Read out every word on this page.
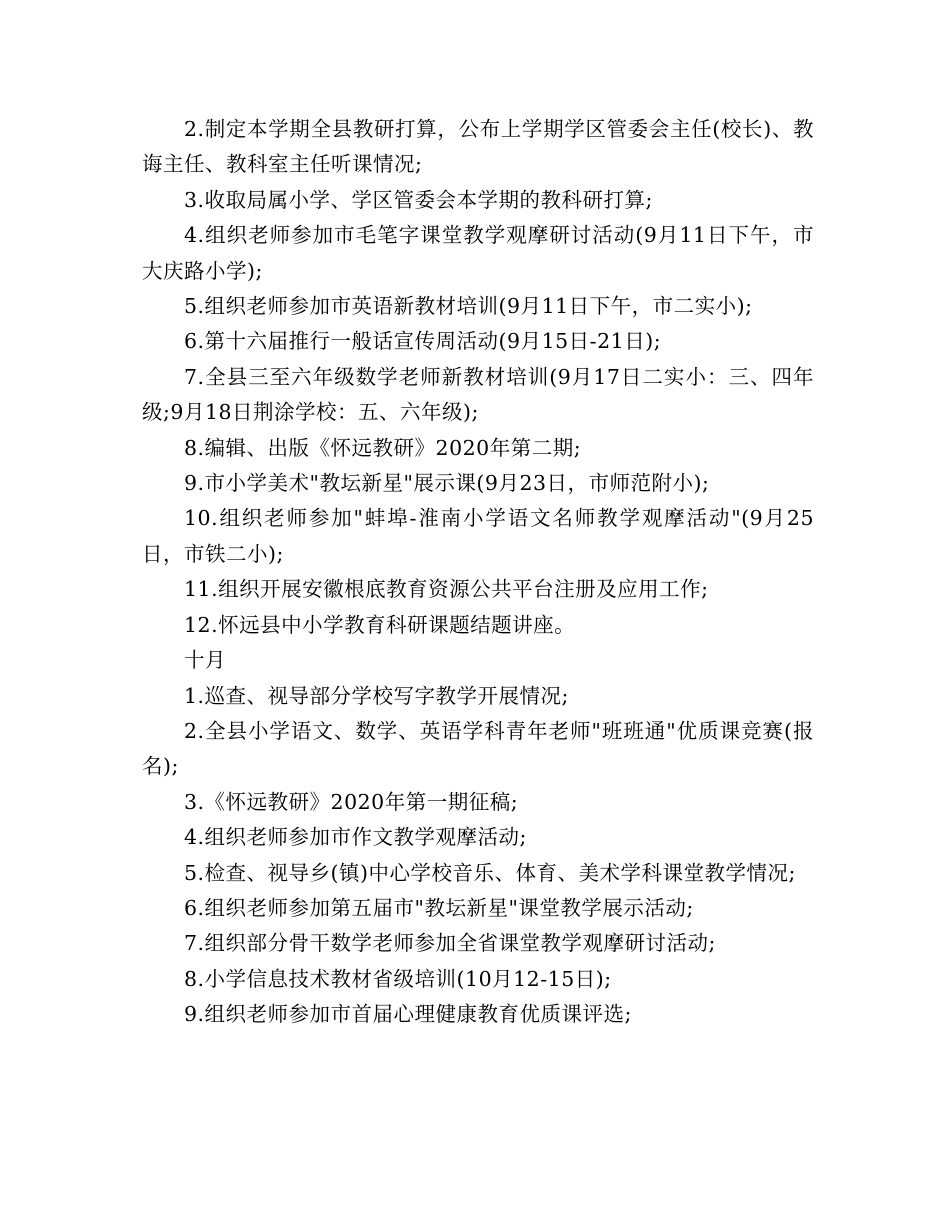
2.制定本学期全县教研打算，公布上学期学区管委会主任(校长)、教诲主任、教科室主任听课情况;

3.收取局属小学、学区管委会本学期的教科研打算;

4.组织老师参加市毛笔字课堂教学观摩研讨活动(9月11日下午，市大庆路小学);

5.组织老师参加市英语新教材培训(9月11日下午，市二实小);

6.第十六届推行一般话宣传周活动(9月15日-21日);

7.全县三至六年级数学老师新教材培训(9月17日二实小：三、四年级;9月18日荆涂学校：五、六年级);

8.编辑、出版《怀远教研》2020年第二期;

9.市小学美术"教坛新星"展示课(9月23日，市师范附小);

10.组织老师参加"蚌埠-淮南小学语文名师教学观摩活动"(9月25日，市铁二小);

11.组织开展安徽根底教育资源公共平台注册及应用工作;

12.怀远县中小学教育科研课题结题讲座。

十月

1.巡查、视导部分学校写字教学开展情况;

2.全县小学语文、数学、英语学科青年老师"班班通"优质课竞赛(报名);

3.《怀远教研》2020年第一期征稿;

4.组织老师参加市作文教学观摩活动;

5.检查、视导乡(镇)中心学校音乐、体育、美术学科课堂教学情况;

6.组织老师参加第五届市"教坛新星"课堂教学展示活动;

7.组织部分骨干数学老师参加全省课堂教学观摩研讨活动;

8.小学信息技术教材省级培训(10月12-15日);

9.组织老师参加市首届心理健康教育优质课评选;
